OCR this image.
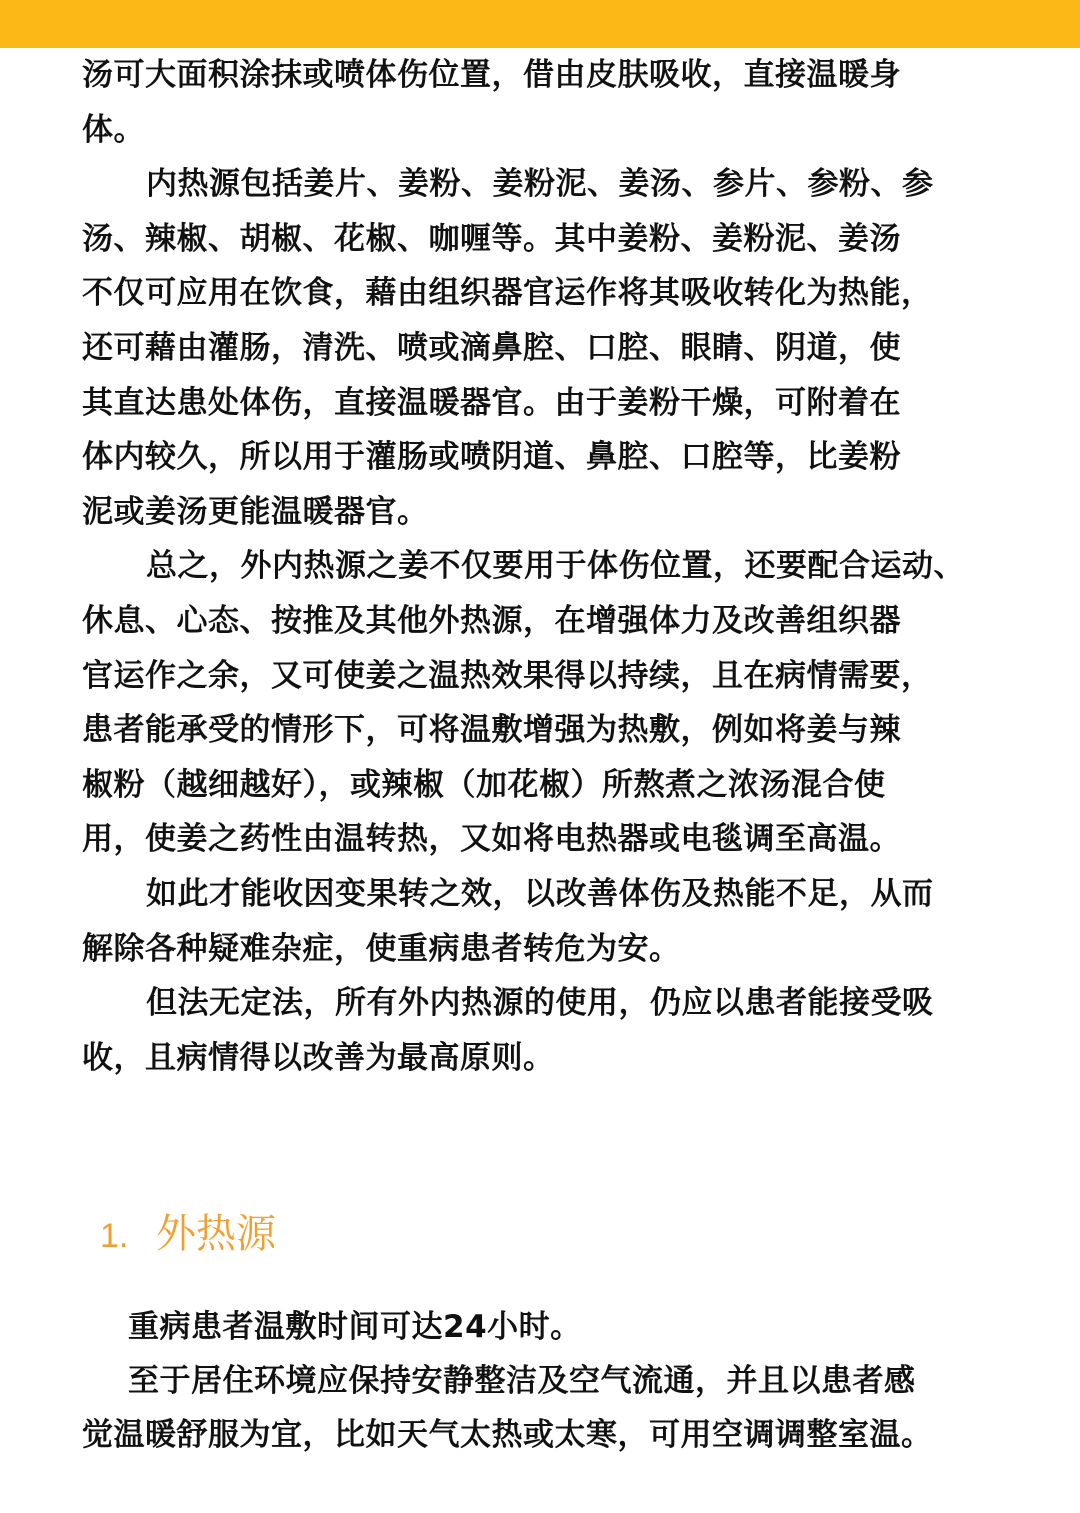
汤可大面积涂抹或喷体伤位置，借由皮肤吸收，直接温暖身
体。
内热源包括姜片、姜粉、姜粉泥、姜汤、参片、参粉、参
汤、辣椒、胡椒、花椒、咖喱等。其中姜粉、姜粉泥、姜汤
不仅可应用在饮食，藉由组织器官运作将其吸收转化为热能，
还可藉由灌肠，清洗、喷或滴鼻腔、口腔、眼睛、阴道，使
其直达患处体伤，直接温暖器官。由于姜粉干燥，可附着在
体内较久，所以用于灌肠或喷阴道、鼻腔、口腔等，比姜粉
泥或姜汤更能温暖器官。
总之，外内热源之姜不仅要用于体伤位置，还要配合运动、
休息、心态、按推及其他外热源，在增强体力及改善组织器
官运作之余，又可使姜之温热效果得以持续，且在病情需要，
患者能承受的情形下，可将温敷增强为热敷，例如将姜与辣
椒粉（越细越好），或辣椒（加花椒）所熬煮之浓汤混合使
用，使姜之药性由温转热，又如将电热器或电毯调至高温。
如此才能收因变果转之效，以改善体伤及热能不足，从而
解除各种疑难杂症，使重病患者转危为安。
但法无定法，所有外内热源的使用，仍应以患者能接受吸
收，且病情得以改善为最高原则。
1. 外热源
重病患者温敷时间可达24小时。
至于居住环境应保持安静整洁及空气流通，并且以患者感
觉温暖舒服为宜，比如天气太热或太寒，可用空调调整室温。
